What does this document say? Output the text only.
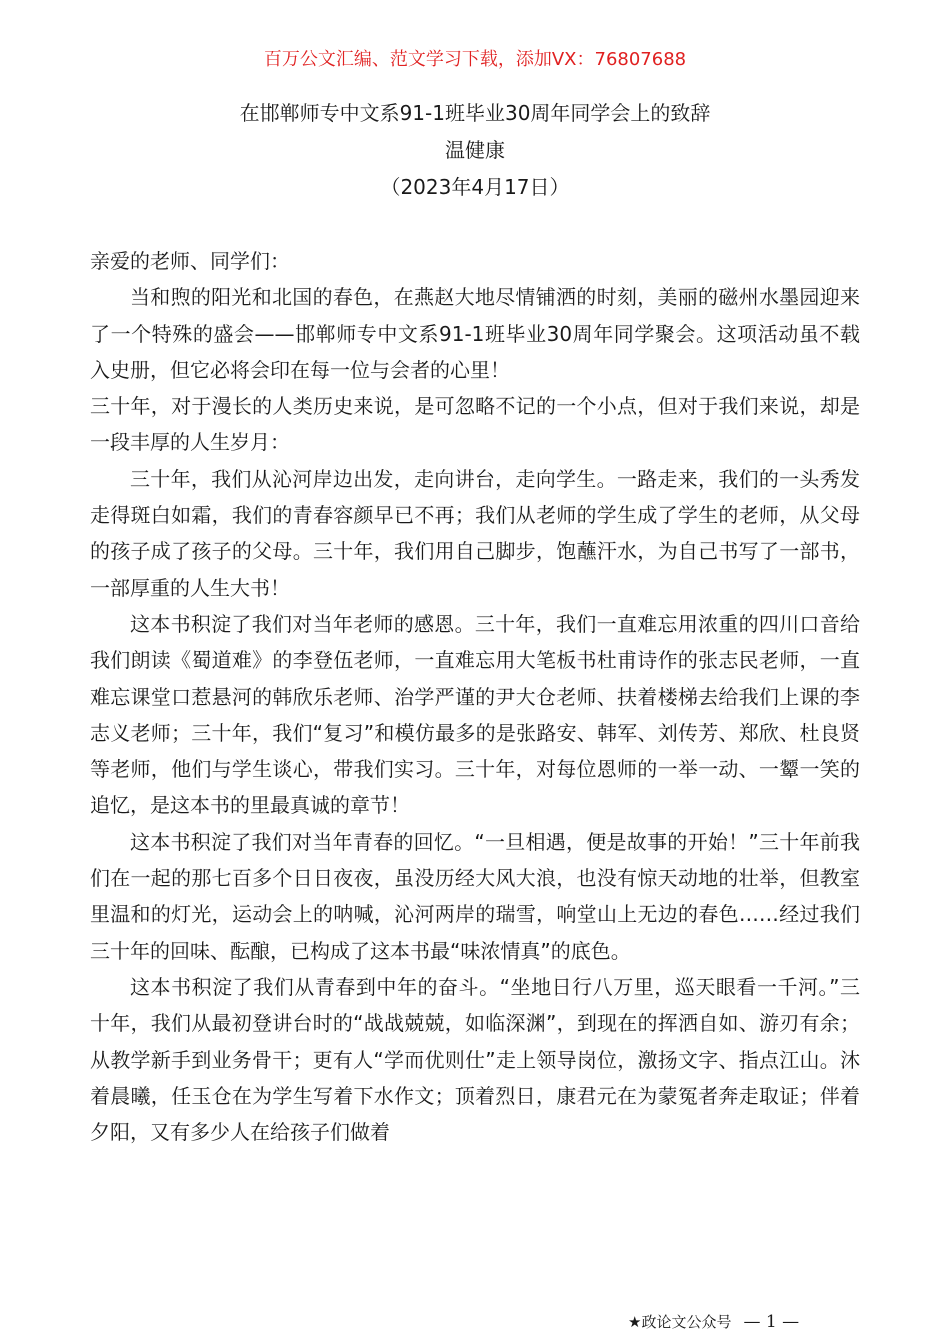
百万公文汇编、范文学习下载，添加VX：76807688
在邯郸师专中文系91-1班毕业30周年同学会上的致辞
温健康
（2023年4月17日）

亲爱的老师、同学们：

当和煦的阳光和北国的春色，在燕赵大地尽情铺洒的时刻，美丽的磁州水墨园迎来了一个特殊的盛会——邯郸师专中文系91-1班毕业30周年同学聚会。这项活动虽不载入史册，但它必将会印在每一位与会者的心里！

三十年，对于漫长的人类历史来说，是可忽略不记的一个小点，但对于我们来说，却是一段丰厚的人生岁月：

三十年，我们从沁河岸边出发，走向讲台，走向学生。一路走来，我们的一头秀发走得斑白如霜，我们的青春容颜早已不再；我们从老师的学生成了学生的老师，从父母的孩子成了孩子的父母。三十年，我们用自己脚步，饱蘸汗水，为自己书写了一部书，一部厚重的人生大书！

这本书积淀了我们对当年老师的感恩。三十年，我们一直难忘用浓重的四川口音给我们朗读《蜀道难》的李登伍老师，一直难忘用大笔板书杜甫诗作的张志民老师，一直难忘课堂口惹悬河的韩欣乐老师、治学严谨的尹大仓老师、扶着楼梯去给我们上课的李志义老师；三十年，我们“复习”和模仿最多的是张路安、韩军、刘传芳、郑欣、杜良贤等老师，他们与学生谈心，带我们实习。三十年，对每位恩师的一举一动、一颦一笑的追忆，是这本书的里最真诚的章节！

这本书积淀了我们对当年青春的回忆。“一旦相遇，便是故事的开始！”三十年前我们在一起的那七百多个日日夜夜，虽没历经大风大浪，也没有惊天动地的壮举，但教室里温和的灯光，运动会上的呐喊，沁河两岸的瑞雪，响堂山上无边的春色……经过我们三十年的回味、酝酿，已构成了这本书最“味浓情真”的底色。

这本书积淀了我们从青春到中年的奋斗。“坐地日行八万里，巡天眼看一千河。”三十年，我们从最初登讲台时的“战战兢兢，如临深渊”，到现在的挥洒自如、游刃有余；从教学新手到业务骨干；更有人“学而优则仕”走上领导岗位，激扬文字、指点江山。沐着晨曦，任玉仓在为学生写着下水作文；顶着烈日，康君元在为蒙冤者奔走取证；伴着夕阳，又有多少人在给孩子们做着

★政论文公众号 — 1 —
